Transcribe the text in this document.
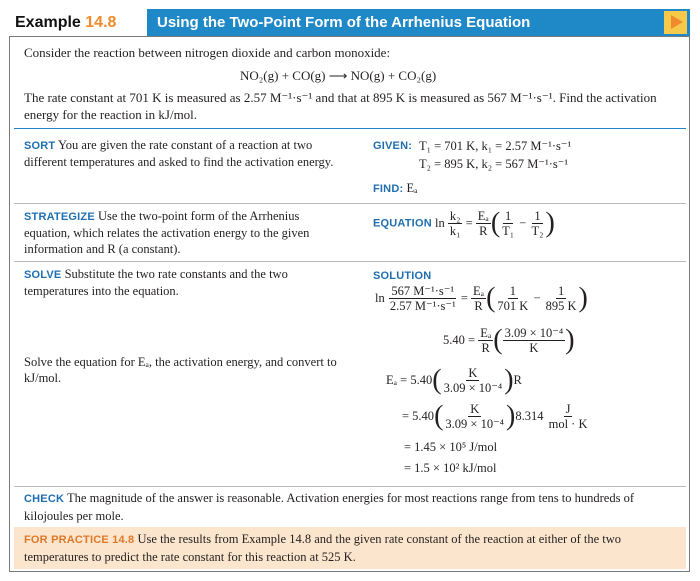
Example 14.8	Using the Two-Point Form of the Arrhenius Equation
Consider the reaction between nitrogen dioxide and carbon monoxide:
NO₂(g) + CO(g) ⟶ NO(g) + CO₂(g)
The rate constant at 701 K is measured as 2.57 M⁻¹·s⁻¹ and that at 895 K is measured as 567 M⁻¹·s⁻¹. Find the activation energy for the reaction in kJ/mol.
SORT You are given the rate constant of a reaction at two different temperatures and asked to find the activation energy.
GIVEN: T₁ = 701 K, k₁ = 2.57 M⁻¹·s⁻¹
T₂ = 895 K, k₂ = 567 M⁻¹·s⁻¹
FIND: Eₐ
STRATEGIZE Use the two-point form of the Arrhenius equation, which relates the activation energy to the given information and R (a constant).
EQUATION $\ln \frac{\text{k₂}}{\text{k₁}} = \frac{\text{Eₐ}}{R}$ ( $\frac{1}{\text{T₁}} - \frac{1}{\text{T₂}}$ )
SOLVE Substitute the two rate constants and the two temperatures into the equation.
Solve the equation for Eₐ, the activation energy, and convert to kJ/mol.
SOLUTION
$\ln \frac{\text{567 M⁻¹·s⁻¹}}{\text{2.57 M⁻¹·s⁻¹}} = \frac{\text{Eₐ}}{R}$ ( $\frac{1}{701 K} - \frac{1}{895 K}$ )
$5.40 = \frac{\text{Eₐ}}{R}$ ( $\frac{\text{3.09 × 10⁻⁴}}{K}$ )
$E_a = 5.40( \frac{K}{\text{3.09 × 10⁻⁴}} )R$
= $5.40( \frac{K}{\text{3.09 × 10⁻⁴}} )8.314 \frac{J}{\text{mol · K}}$
= 1.45 × 10⁵ J/mol
= 1.5 × 10² kJ/mol
CHECK The magnitude of the answer is reasonable. Activation energies for most reactions range from tens to hundreds of kilojoules per mole.
FOR PRACTICE 14.8 Use the results from Example 14.8 and the given rate constant of the reaction at either of the two temperatures to predict the rate constant for this reaction at 525 K.
